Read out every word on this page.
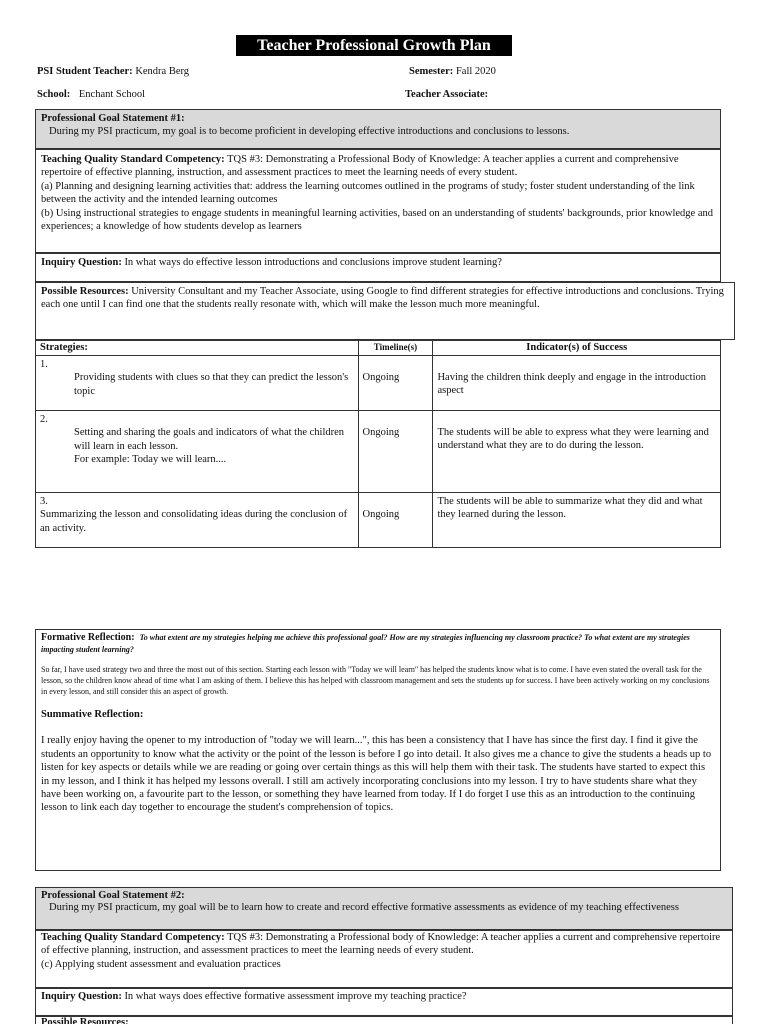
Teacher Professional Growth Plan
PSI Student Teacher: Kendra Berg	Semester: Fall 2020
School: Enchant School	Teacher Associate:
Professional Goal Statement #1:
During my PSI practicum, my goal is to become proficient in developing effective introductions and conclusions to lessons.
Teaching Quality Standard Competency: TQS #3: Demonstrating a Professional Body of Knowledge: A teacher applies a current and comprehensive repertoire of effective planning, instruction, and assessment practices to meet the learning needs of every student.
(a) Planning and designing learning activities that: address the learning outcomes outlined in the programs of study; foster student understanding of the link between the activity and the intended learning outcomes
(b) Using instructional strategies to engage students in meaningful learning activities, based on an understanding of students' backgrounds, prior knowledge and experiences; a knowledge of how students develop as learners
Inquiry Question: In what ways do effective lesson introductions and conclusions improve student learning?
Possible Resources: University Consultant and my Teacher Associate, using Google to find different strategies for effective introductions and conclusions. Trying each one until I can find one that the students really resonate with, which will make the lesson much more meaningful.
Strategies:	Timeline(s)	Indicator(s) of Success

1.
Providing students with clues so that they can predict the lesson's topic	Ongoing	Having the children think deeply and engage in the introduction aspect

2.
Setting and sharing the goals and indicators of what the children will learn in each lesson.
For example: Today we will learn....	Ongoing	The students will be able to express what they were learning and understand what they are to do during the lesson.

3.
Summarizing the lesson and consolidating ideas during the conclusion of an activity.	Ongoing	The students will be able to summarize what they did and what they learned during the lesson.
Formative Reflection: To what extent are my strategies helping me achieve this professional goal? How are my strategies influencing my classroom practice? To what extent are my strategies impacting student learning?
So far, I have used strategy two and three the most out of this section. Starting each lesson with "Today we will learn" has helped the students know what is to come. I have even stated the overall task for the lesson, so the children know ahead of time what I am asking of them. I believe this has helped with classroom management and sets the students up for success. I have been actively working on my conclusions in every lesson, and still consider this an aspect of growth.
Summative Reflection:
I really enjoy having the opener to my introduction of "today we will learn...", this has been a consistency that I have has since the first day. I find it give the students an opportunity to know what the activity or the point of the lesson is before I go into detail. It also gives me a chance to give the students a heads up to listen for key aspects or details while we are reading or going over certain things as this will help them with their task. The students have started to expect this in my lesson, and I think it has helped my lessons overall. I still am actively incorporating conclusions into my lesson. I try to have students share what they have been working on, a favourite part to the lesson, or something they have learned from today. If I do forget I use this as an introduction to the continuing lesson to link each day together to encourage the student's comprehension of topics.
Professional Goal Statement #2:
During my PSI practicum, my goal will be to learn how to create and record effective formative assessments as evidence of my teaching effectiveness
Teaching Quality Standard Competency: TQS #3: Demonstrating a Professional body of Knowledge: A teacher applies a current and comprehensive repertoire of effective planning, instruction, and assessment practices to meet the learning needs of every student.
(c) Applying student assessment and evaluation practices
Inquiry Question: In what ways does effective formative assessment improve my teaching practice?
Possible Resources:
